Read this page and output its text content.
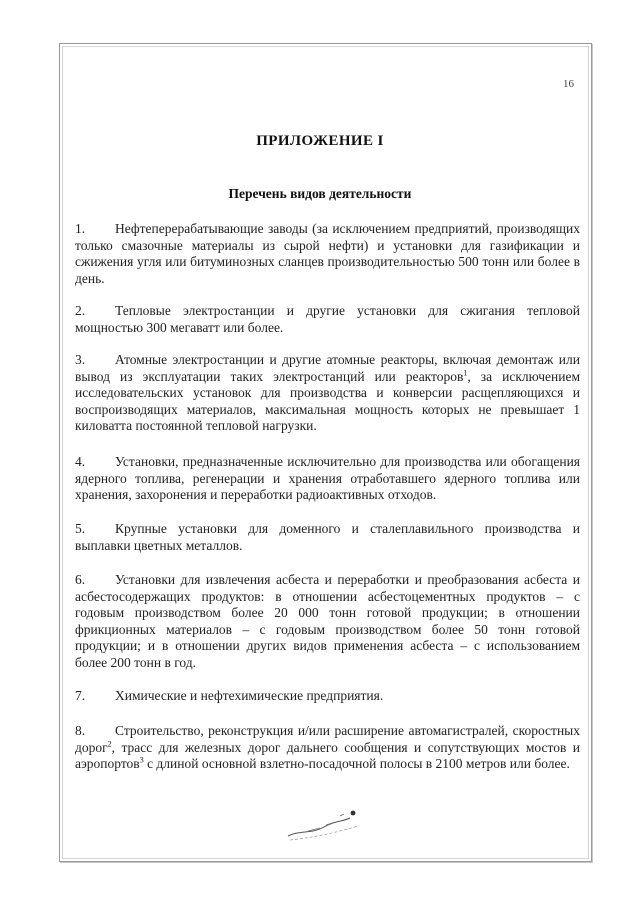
16
ПРИЛОЖЕНИЕ I
Перечень видов деятельности
1. Нефтеперерабатывающие заводы (за исключением предприятий, производящих только смазочные материалы из сырой нефти) и установки для газификации и сжижения угля или битуминозных сланцев производительностью 500 тонн или более в день.
2. Тепловые электростанции и другие установки для сжигания тепловой мощностью 300 мегаватт или более.
3. Атомные электростанции и другие атомные реакторы, включая демонтаж или вывод из эксплуатации таких электростанций или реакторов$^1$, за исключением исследовательских установок для производства и конверсии расщепляющихся и воспроизводящих материалов, максимальная мощность которых не превышает 1 киловатта постоянной тепловой нагрузки.
4. Установки, предназначенные исключительно для производства или обогащения ядерного топлива, регенерации и хранения отработавшего ядерного топлива или хранения, захоронения и переработки радиоактивных отходов.
5. Крупные установки для доменного и сталеплавильного производства и выплавки цветных металлов.
6. Установки для извлечения асбеста и переработки и преобразования асбеста и асбестосодержащих продуктов: в отношении асбестоцементных продуктов – с годовым производством более 20 000 тонн готовой продукции; в отношении фрикционных материалов – с годовым производством более 50 тонн готовой продукции; и в отношении других видов применения асбеста – с использованием более 200 тонн в год.
7. Химические и нефтехимические предприятия.
8. Строительство, реконструкция и/или расширение автомагистралей, скоростных дорог$^2$, трасс для железных дорог дальнего сообщения и сопутствующих мостов и аэропортов$^3$ с длиной основной взлетно-посадочной полосы в 2100 метров или более.
